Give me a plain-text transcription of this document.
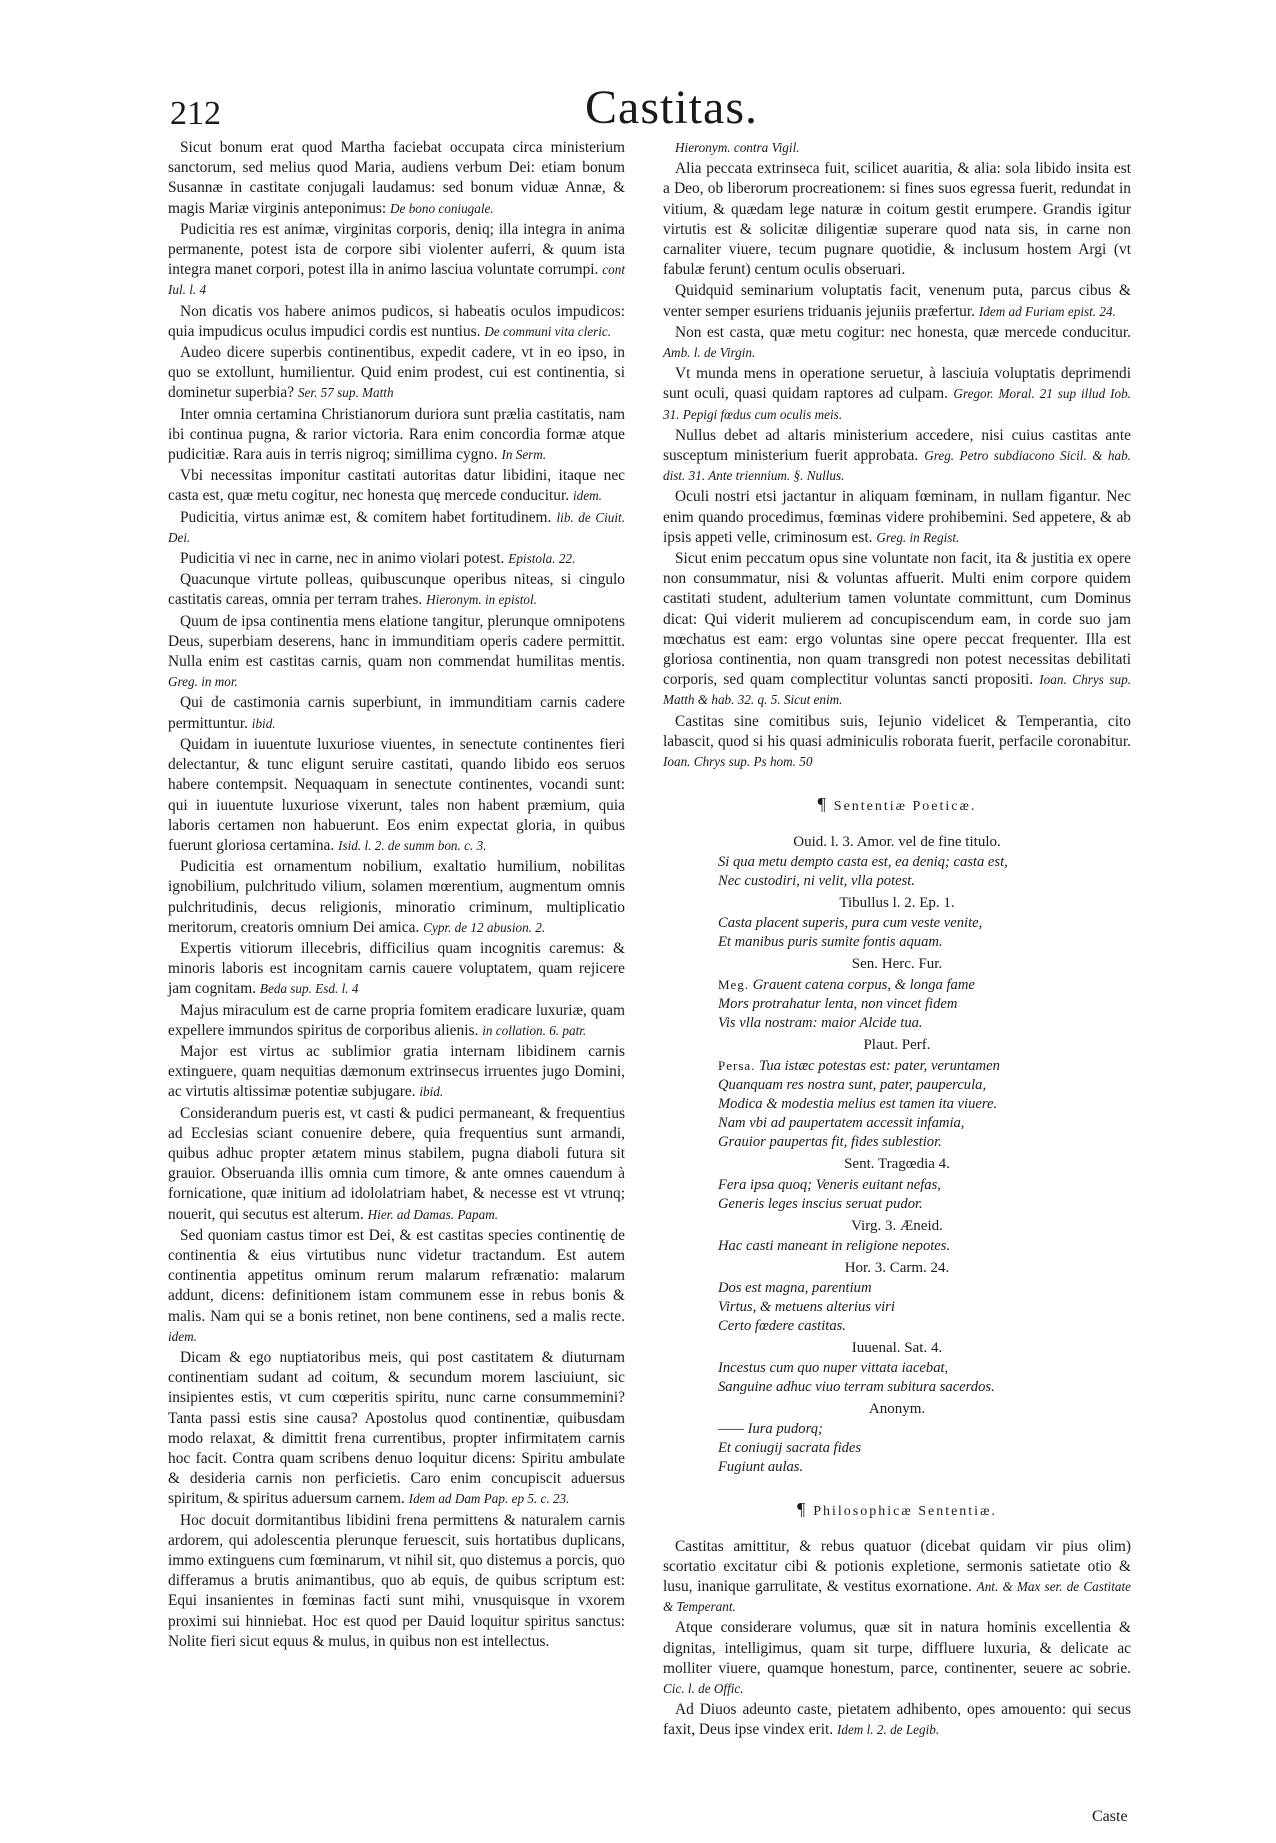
212	Castitas.

Sicut bonum erat quod Martha faciebat occupata circa ministerium sanctorum, sed melius quod Maria, audiens verbum Dei: etiam bonum Susannæ in castitate conjugali laudamus: sed bonum viduæ Annæ, & magis Mariæ virginis anteponimus: De bono coniugale.

Pudicitia res est animæ, virginitas corporis, deniq; illa integra in anima permanente, potest ista de corpore sibi violenter auferri, & quum ista integra manet corpori, potest illa in animo lasciua voluntate corrumpi. cont Iul. l. 4

Non dicatis vos habere animos pudicos, si habeatis oculos impudicos: quia impudicus oculus impudici cordis est nuntius. De communi vita cleric.

Audeo dicere superbis continentibus, expedit cadere, vt in eo ipso, in quo se extollunt, humilientur. Quid enim prodest, cui est continentia, si dominetur superbia? Ser. 57 sup. Matth

Inter omnia certamina Christianorum duriora sunt prælia castitatis, nam ibi continua pugna, & rarior victoria. Rara enim concordia formæ atque pudicitiæ. Rara auis in terris nigroq; simillima cygno. In Serm.

Vbi necessitas imponitur castitati autoritas datur libidini, itaque nec casta est, quæ metu cogitur, nec honesta quę mercede conducitur. idem.

Pudicitia, virtus animæ est, & comitem habet fortitudinem. lib. de Ciuit. Dei.

Pudicitia vi nec in carne, nec in animo violari potest. Epistola. 22.

Quacunque virtute polleas, quibuscunque operibus niteas, si cingulo castitatis careas, omnia per terram trahes. Hieronym. in epistol.

Quum de ipsa continentia mens elatione tangitur, plerunque omnipotens Deus, superbiam deserens, hanc in immunditiam operis cadere permittit. Nulla enim est castitas carnis, quam non commendat humilitas mentis. Greg. in mor.

Qui de castimonia carnis superbiunt, in immunditiam carnis cadere permittuntur. ibid.

Quidam in iuuentute luxuriose viuentes, in senectute continentes fieri delectantur, & tunc eligunt seruire castitati, quando libido eos seruos habere contempsit. Nequaquam in senectute continentes, vocandi sunt: qui in iuuentute luxuriose vixerunt, tales non habent præmium, quia laboris certamen non habuerunt. Eos enim expectat gloria, in quibus fuerunt gloriosa certamina. Isid. l. 2. de summ bon. c. 3.

Pudicitia est ornamentum nobilium, exaltatio humilium, nobilitas ignobilium, pulchritudo vilium, solamen mœrentium, augmentum omnis pulchritudinis, decus religionis, minoratio criminum, multiplicatio meritorum, creatoris omnium Dei amica. Cypr. de 12 abusion. 2.

Expertis vitiorum illecebris, difficilius quam incognitis caremus: & minoris laboris est incognitam carnis cauere voluptatem, quam rejicere jam cognitam. Beda sup. Esd. l. 4

Majus miraculum est de carne propria fomitem eradicare luxuriæ, quam expellere immundos spiritus de corporibus alienis. in collation. 6. patr.

Major est virtus ac sublimior gratia internam libidinem carnis extinguere, quam nequitias dæmonum extrinsecus irruentes jugo Domini, ac virtutis altissimæ potentiæ subjugare. ibid.

Considerandum pueris est, vt casti & pudici permaneant, & frequentius ad Ecclesias sciant conuenire debere, quia frequentius sunt armandi, quibus adhuc propter ætatem minus stabilem, pugna diaboli futura sit grauior. Obseruanda illis omnia cum timore, & ante omnes cauendum à fornicatione, quæ initium ad idololatriam habet, & necesse est vt vtrunq; nouerit, qui secutus est alterum. Hier. ad Damas. Papam.

Sed quoniam castus timor est Dei, & est castitas species continentię de continentia & eius virtutibus nunc videtur tractandum. Est autem continentia appetitus ominum rerum malarum refrænatio: malarum addunt, dicens: definitionem istam communem esse in rebus bonis & malis. Nam qui se a bonis retinet, non bene continens, sed a malis recte. idem.

Dicam & ego nuptiatoribus meis, qui post castitatem & diuturnam continentiam sudant ad coitum, & secundum morem lasciuiunt, sic insipientes estis, vt cum cœperitis spiritu, nunc carne consummemini? Tanta passi estis sine causa? Apostolus quod continentiæ, quibusdam modo relaxat, & dimittit frena currentibus, propter infirmitatem carnis hoc facit. Contra quam scribens denuo loquitur dicens: Spiritu ambulate & desideria carnis non perficietis. Caro enim concupiscit aduersus spiritum, & spiritus aduersum carnem. Idem ad Dam Pap. ep 5. c. 23.

Hoc docuit dormitantibus libidini frena permittens & naturalem carnis ardorem, qui adolescentia plerunque feruescit, suis hortatibus duplicans, immo extinguens cum fœminarum, vt nihil sit, quo distemus a porcis, quo differamus a brutis animantibus, quo ab equis, de quibus scriptum est: Equi insanientes in fœminas facti sunt mihi, vnusquisque in vxorem proximi sui hinniebat. Hoc est quod per Dauid loquitur spiritus sanctus: Nolite fieri sicut equus & mulus, in quibus non est intellectus.

Hieronym. contra Vigil.

Alia peccata extrinseca fuit, scilicet auaritia, & alia: sola libido insita est a Deo, ob liberorum procreationem: si fines suos egressa fuerit, redundat in vitium, & quædam lege naturæ in coitum gestit erumpere. Grandis igitur virtutis est & solicitæ diligentiæ superare quod nata sis, in carne non carnaliter viuere, tecum pugnare quotidie, & inclusum hostem Argi (vt fabulæ ferunt) centum oculis obseruari.

Quidquid seminarium voluptatis facit, venenum puta, parcus cibus & venter semper esuriens triduanis jejuniis præfertur. Idem ad Furiam epist. 24.

Non est casta, quæ metu cogitur: nec honesta, quæ mercede conducitur. Amb. l. de Virgin.

Vt munda mens in operatione seruetur, à lasciuia voluptatis deprimendi sunt oculi, quasi quidam raptores ad culpam. Gregor. Moral. 21 sup illud Iob. 31. Pepigi fœdus cum oculis meis.

Nullus debet ad altaris ministerium accedere, nisi cuius castitas ante susceptum ministerium fuerit approbata. Greg. Petro subdiacono Sicil. & hab. dist. 31. Ante triennium. §. Nullus.

Oculi nostri etsi jactantur in aliquam fœminam, in nullam figantur. Nec enim quando procedimus, fœminas videre prohibemini. Sed appetere, & ab ipsis appeti velle, criminosum est. Greg. in Regist.

Sicut enim peccatum opus sine voluntate non facit, ita & justitia ex opere non consummatur, nisi & voluntas affuerit. Multi enim corpore quidem castitati student, adulterium tamen voluntate committunt, cum Dominus dicat: Qui viderit mulierem ad concupiscendum eam, in corde suo jam mœchatus est eam: ergo voluntas sine opere peccat frequenter. Illa est gloriosa continentia, non quam transgredi non potest necessitas debilitati corporis, sed quam complectitur voluntas sancti propositi. Ioan. Chrys sup. Matth & hab. 32. q. 5. Sicut enim.

Castitas sine comitibus suis, Iejunio videlicet & Temperantia, cito labascit, quod si his quasi adminiculis roborata fuerit, perfacile coronabitur. Ioan. Chrys sup. Ps hom. 50

¶ Sententiæ Poeticæ.
Ouid. l. 3. Amor. vel de fine titulo.
Si qua metu dempto casta est, ea deniq; casta est,
Nec custodiri, ni velit, vlla potest.
Tibullus l. 2. Ep. 1.
Casta placent superis, pura cum veste venite,
Et manibus puris sumite fontis aquam.
Sen. Herc. Fur.
Meg. Grauent catena corpus, & longa fame
Mors protrahatur lenta, non vincet fidem
Vis vlla nostram: maior Alcide tua.
Plaut. Perf.
Persa. Tua istæc potestas est: pater, veruntamen
Quanquam res nostra sunt, pater, paupercula,
Modica & modestia melius est tamen ita viuere.
Nam vbi ad paupertatem accessit infamia,
Grauior paupertas fit, fides sublestior.
Sent. Tragœdia 4.
Fera ipsa quoq; Veneris euitant nefas,
Generis leges inscius seruat pudor.
Virg. 3. Æneid.
Hac casti maneant in religione nepotes.
Hor. 3. Carm. 24.
Dos est magna, parentium
Virtus, & metuens alterius viri
Certo fœdere castitas.
Iuuenal. Sat. 4.
Incestus cum quo nuper vittata iacebat,
Sanguine adhuc viuo terram subitura sacerdos.
Anonym.
—— Iura pudorq;
Et coniugij sacrata fides
Fugiunt aulas.
¶ Philosophicæ Sententiæ.

Castitas amittitur, & rebus quatuor (dicebat quidam vir pius olim) scortatio excitatur cibi & potionis expletione, sermonis satietate otio & lusu, inanique garrulitate, & vestitus exornatione. Ant. & Max ser. de Castitate & Temperant.

Atque considerare volumus, quæ sit in natura hominis excellentia & dignitas, intelligimus, quam sit turpe, diffluere luxuria, & delicate ac molliter viuere, quamque honestum, parce, continenter, seuere ac sobrie. Cic. l. de Offic.

Ad Diuos adeunto caste, pietatem adhibento, opes amouento: qui secus faxit, Deus ipse vindex erit. Idem l. 2. de Legib.

Caste
